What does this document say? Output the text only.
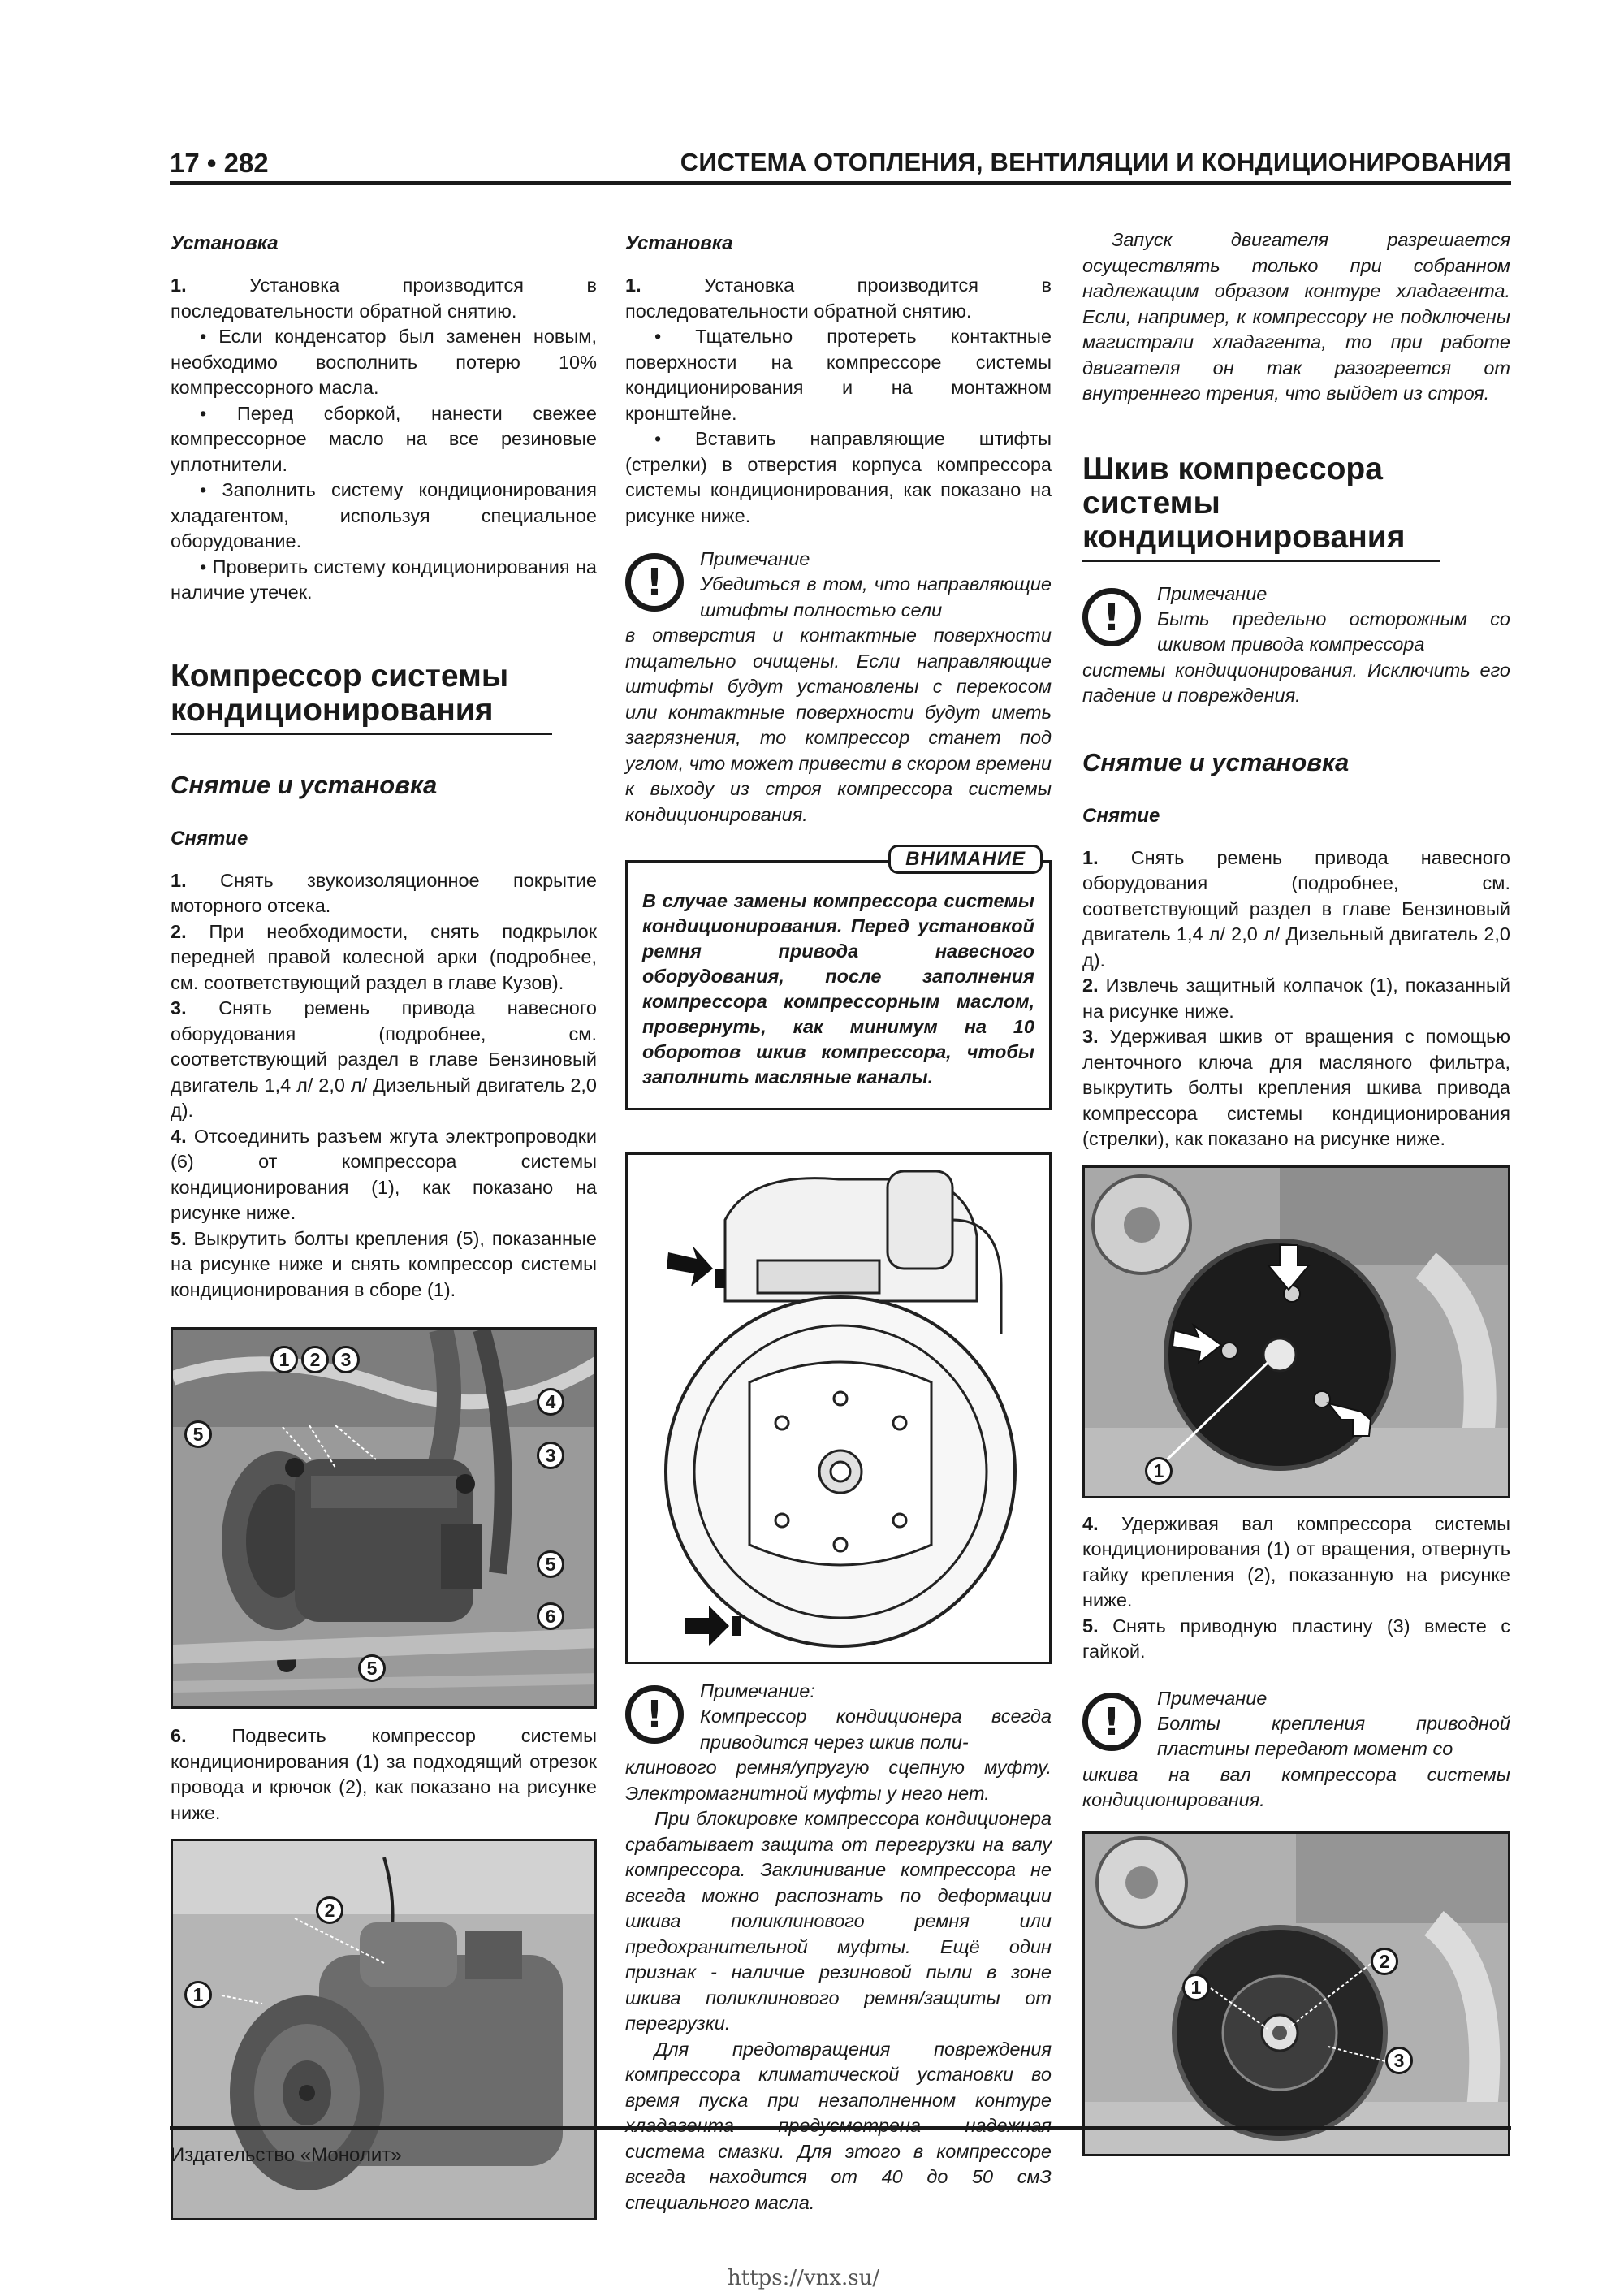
17 • 282	СИСТЕМА ОТОПЛЕНИЯ, ВЕНТИЛЯЦИИ И КОНДИЦИОНИРОВАНИЯ
Установка

1. Установка производится в последовательности обратной снятию.

• Если конденсатор был заменен новым, необходимо восполнить потерю 10% компрессорного масла.

• Перед сборкой, нанести свежее компрессорное масло на все резиновые уплотнители.

• Заполнить систему кондиционирования хладагентом, используя специальное оборудование.

• Проверить систему кондиционирования на наличие утечек.

Компрессор системы кондиционирования
Снятие и установка
Снятие

1. Снять звукоизоляционное покрытие моторного отсека.

2. При необходимости, снять подкрылок передней правой колесной арки (подробнее, см. соответствующий раздел в главе Кузов).

3. Снять ремень привода навесного оборудования (подробнее, см. соответствующий раздел в главе Бензиновый двигатель 1,4 л/ 2,0 л/ Дизельный двигатель 2,0 д).

4. Отсоединить разъем жгута электропроводки (6) от компрессора системы кондиционирования (1), как показано на рисунке ниже.

5. Выкрутить болты крепления (5), показанные на рисунке ниже и снять компрессор системы кондиционирования в сборе (1).

1	2	3
4
3
5
5
6
5

6. Подвесить компрессор системы кондиционирования (1) за подходящий отрезок провода и крючок (2), как показано на рисунке ниже.

2
1
Установка

1. Установка производится в последовательности обратной снятию.

• Тщательно протереть контактные поверхности на компрессоре системы кондиционирования и на монтажном кронштейне.

• Вставить направляющие штифты (стрелки) в отверстия корпуса компрессора системы кондиционирования, как показано на рисунке ниже.

!
Примечание

Убедиться в том, что направляющие штифты полностью сели

в отверстия и контактные поверхности тщательно очищены. Если направляющие штифты будут установлены с перекосом или контактные поверхности будут иметь загрязнения, то компрессор станет под углом, что может привести в скором времени к выходу из строя компрессора системы кондиционирования.

ВНИМАНИЕ

В случае замены компрессора системы кондиционирования. Перед установкой ремня привода навесного оборудования, после заполнения компрессора компрессорным маслом, провернуть, как минимум на 10 оборотов шкив компрессора, чтобы заполнить масляные каналы.

!
Примечание:

Компрессор кондиционера всегда приводится через шкив поли-

клинового ремня/упругую сцепную муфту. Электромагнитной муфты у него нет.

При блокировке компрессора кондиционера срабатывает защита от перегрузки на валу компрессора. Заклинивание компрессора не всегда можно распознать по деформации шкива поликлинового ремня или предохранительной муфты. Ещё один признак - наличие резиновой пыли в зоне шкива поликлинового ремня/защиты от перегрузки.

Для предотвращения повреждения компрессора климатической установки во время пуска при незаполненном контуре хладагента предусмотрена надежная система смазки. Для этого в компрессоре всегда находится от 40 до 50 смЗ специального масла.

Запуск двигателя разрешается осуществлять только при собранном надлежащим образом контуре хладагента. Если, например, к компрессору не подключены магистрали хладагента, то при работе двигателя он так разогреется от внутреннего трения, что выйдет из строя.

Шкив компрессора системы кондиционирования
!
Примечание

Быть предельно осторожным со шкивом привода компрессора

системы кондиционирования. Исключить его падение и повреждения.

Снятие и установка
Снятие

1. Снять ремень привода навесного оборудования (подробнее, см. соответствующий раздел в главе Бензиновый двигатель 1,4 л/ 2,0 л/ Дизельный двигатель 2,0 д).

2. Извлечь защитный колпачок (1), показанный на рисунке ниже.

3. Удерживая шкив от вращения с помощью ленточного ключа для масляного фильтра, выкрутить болты крепления шкива привода компрессора системы кондиционирования (стрелки), как показано на рисунке ниже.

1

4. Удерживая вал компрессора системы кондиционирования (1) от вращения, отвернуть гайку крепления (2), показанную на рисунке ниже.

5. Снять приводную пластину (3) вместе с гайкой.

!
Примечание

Болты крепления приводной пластины передают момент со

шкива на вал компрессора системы кондиционирования.

1
2
3
Издательство «Монолит»
https://vnx.su/
